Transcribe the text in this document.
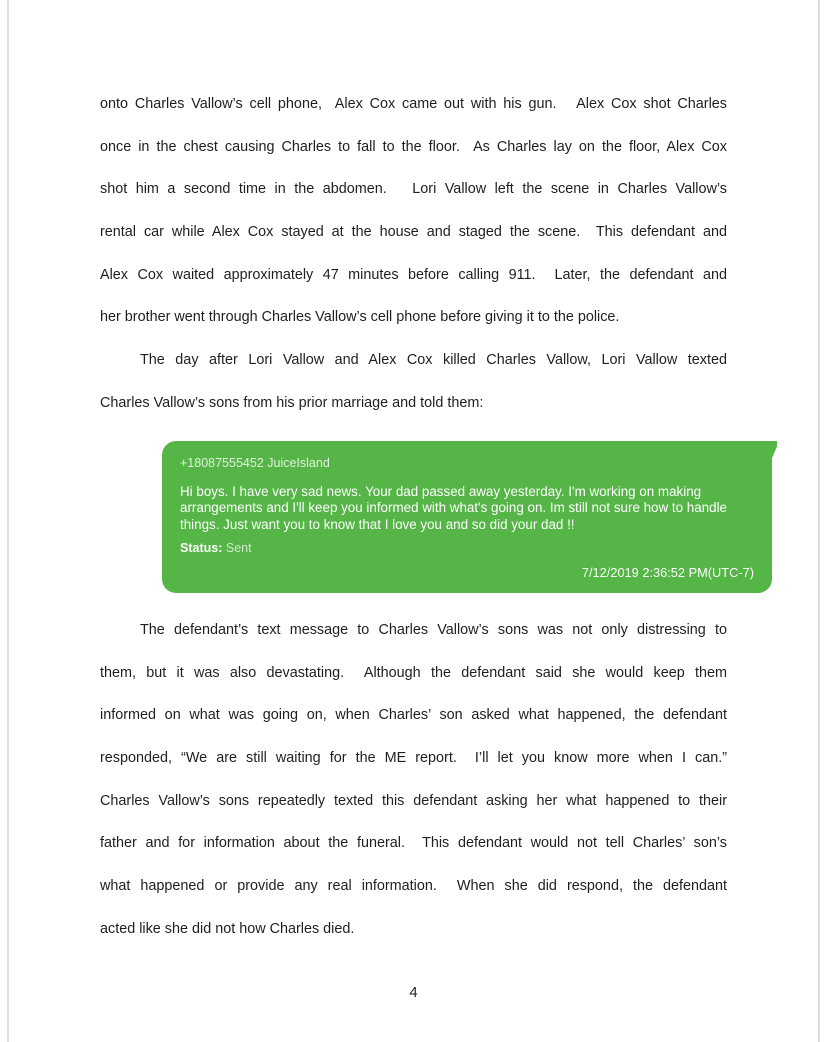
onto Charles Vallow’s cell phone,  Alex Cox came out with his gun.   Alex Cox shot Charles
once in the chest causing Charles to fall to the floor.  As Charles lay on the floor, Alex Cox
shot him a second time in the abdomen.   Lori Vallow left the scene in Charles Vallow’s
rental car while Alex Cox stayed at the house and staged the scene.  This defendant and
Alex Cox waited approximately 47 minutes before calling 911.  Later, the defendant and
her brother went through Charles Vallow’s cell phone before giving it to the police.
The day after Lori Vallow and Alex Cox killed Charles Vallow, Lori Vallow texted
Charles Vallow’s sons from his prior marriage and told them:
+18087555452 JuiceIsland
Hi boys. I have very sad news. Your dad passed away yesterday. I'm working on making
arrangements and I'll keep you informed with what's going on. Im still not sure how to handle
things. Just want you to know that I love you and so did your dad !!
Status: Sent
7/12/2019 2:36:52 PM(UTC-7)
The defendant’s text message to Charles Vallow’s sons was not only distressing to
them, but it was also devastating.  Although the defendant said she would keep them
informed on what was going on, when Charles’ son asked what happened, the defendant
responded, “We are still waiting for the ME report.  I’ll let you know more when I can.”
Charles Vallow’s sons repeatedly texted this defendant asking her what happened to their
father and for information about the funeral.  This defendant would not tell Charles’ son’s
what happened or provide any real information.  When she did respond, the defendant
acted like she did not how Charles died.
4
